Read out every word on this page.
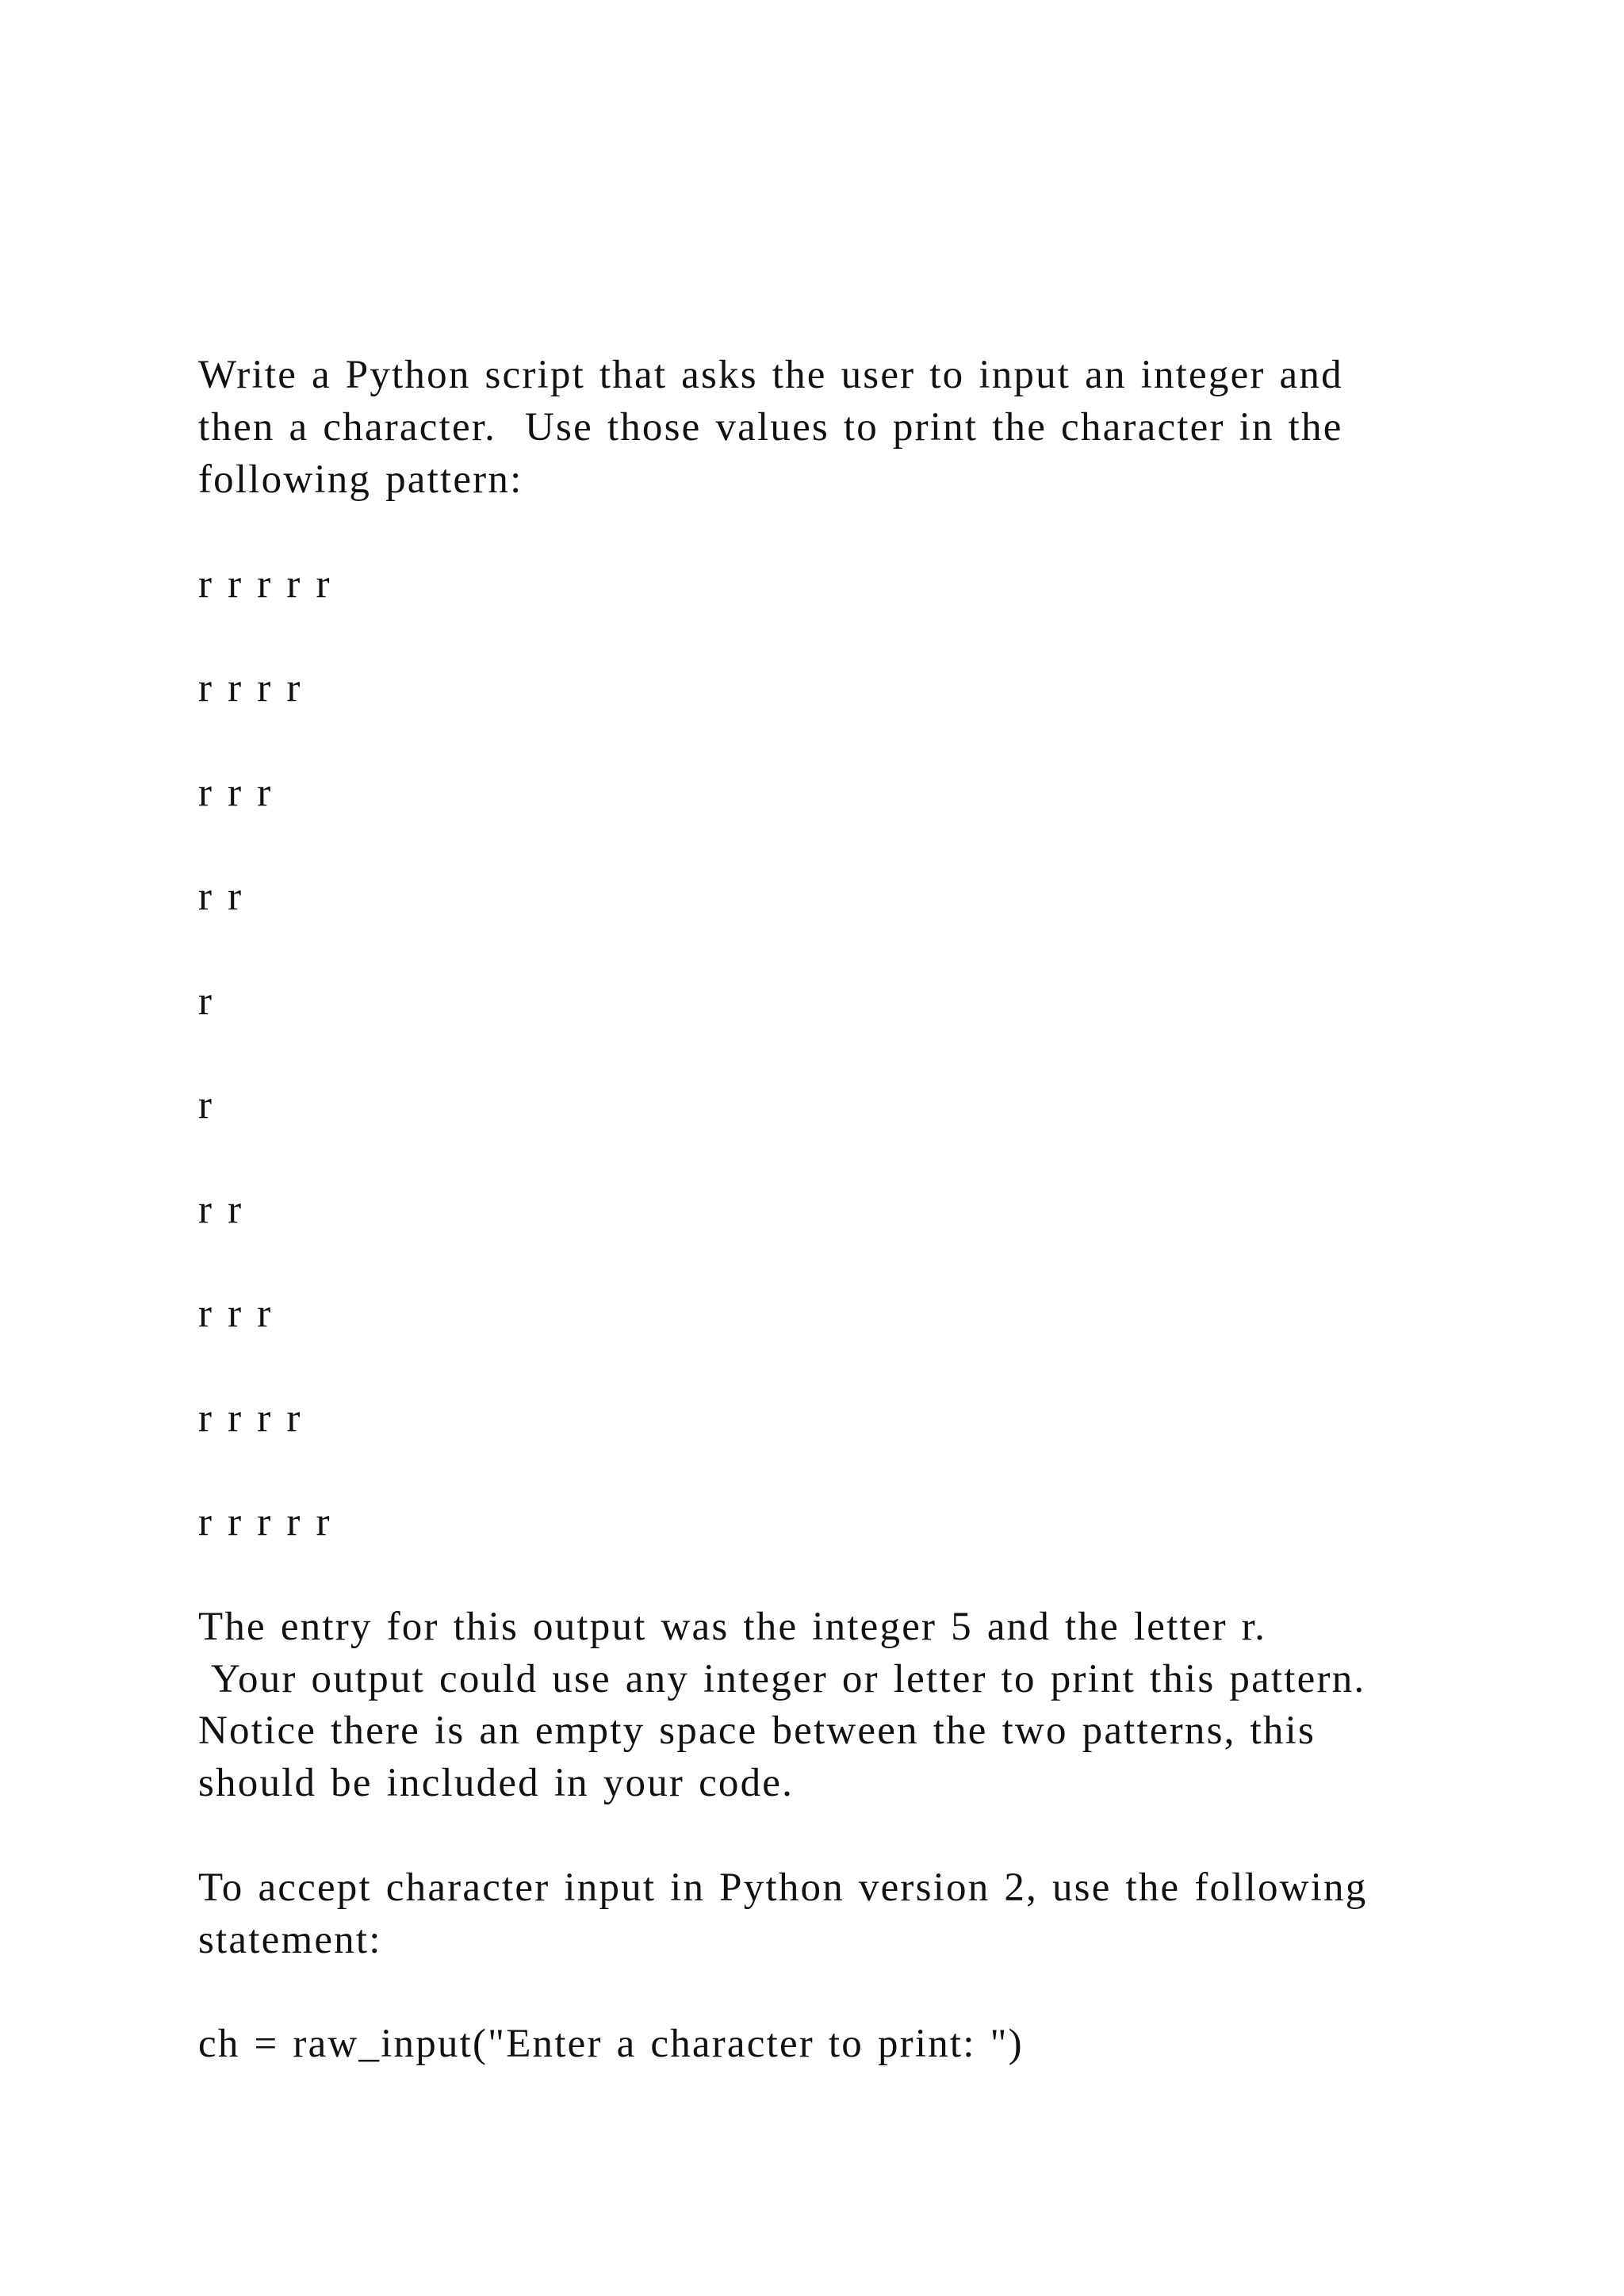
Write a Python script that asks the user to input an integer and
then a character.  Use those values to print the character in the
following pattern:
r r r r r
r r r r
r r r
r r
r
r
r r
r r r
r r r r
r r r r r
The entry for this output was the integer 5 and the letter r.
Your output could use any integer or letter to print this pattern.
Notice there is an empty space between the two patterns, this
should be included in your code.
To accept character input in Python version 2, use the following
statement:
ch = raw_input("Enter a character to print: ")
